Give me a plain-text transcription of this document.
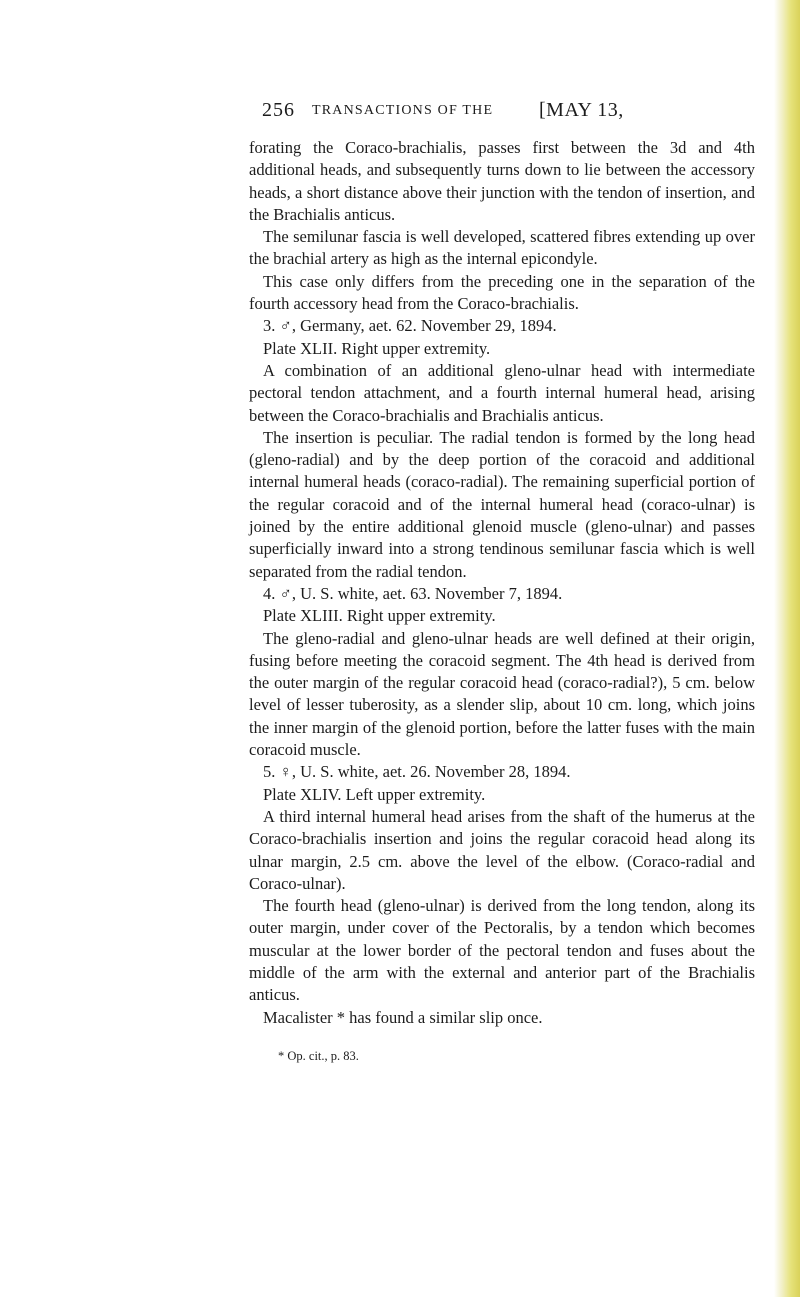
256 TRANSACTIONS OF THE [MAY 13,

forating the Coraco-brachialis, passes first between the 3d and 4th additional heads, and subsequently turns down to lie between the accessory heads, a short distance above their junction with the tendon of insertion, and the Brachialis anticus.

The semilunar fascia is well developed, scattered fibres extending up over the brachial artery as high as the internal epicondyle.

This case only differs from the preceding one in the separation of the fourth accessory head from the Coraco-brachialis.

3. ♂, Germany, aet. 62. November 29, 1894.

Plate XLII. Right upper extremity.

A combination of an additional gleno-ulnar head with intermediate pectoral tendon attachment, and a fourth internal humeral head, arising between the Coraco-brachialis and Brachialis anticus.

The insertion is peculiar. The radial tendon is formed by the long head (gleno-radial) and by the deep portion of the coracoid and additional internal humeral heads (coraco-radial). The remaining superficial portion of the regular coracoid and of the internal humeral head (coraco-ulnar) is joined by the entire additional glenoid muscle (gleno-ulnar) and passes superficially inward into a strong tendinous semilunar fascia which is well separated from the radial tendon.

4. ♂, U. S. white, aet. 63. November 7, 1894.

Plate XLIII. Right upper extremity.

The gleno-radial and gleno-ulnar heads are well defined at their origin, fusing before meeting the coracoid segment. The 4th head is derived from the outer margin of the regular coracoid head (coraco-radial?), 5 cm. below level of lesser tuberosity, as a slender slip, about 10 cm. long, which joins the inner margin of the glenoid portion, before the latter fuses with the main coracoid muscle.

5. ♀, U. S. white, aet. 26. November 28, 1894.

Plate XLIV. Left upper extremity.

A third internal humeral head arises from the shaft of the humerus at the Coraco-brachialis insertion and joins the regular coracoid head along its ulnar margin, 2.5 cm. above the level of the elbow. (Coraco-radial and Coraco-ulnar).

The fourth head (gleno-ulnar) is derived from the long tendon, along its outer margin, under cover of the Pectoralis, by a tendon which becomes muscular at the lower border of the pectoral tendon and fuses about the middle of the arm with the external and anterior part of the Brachialis anticus.

Macalister * has found a similar slip once.

* Op. cit., p. 83.
